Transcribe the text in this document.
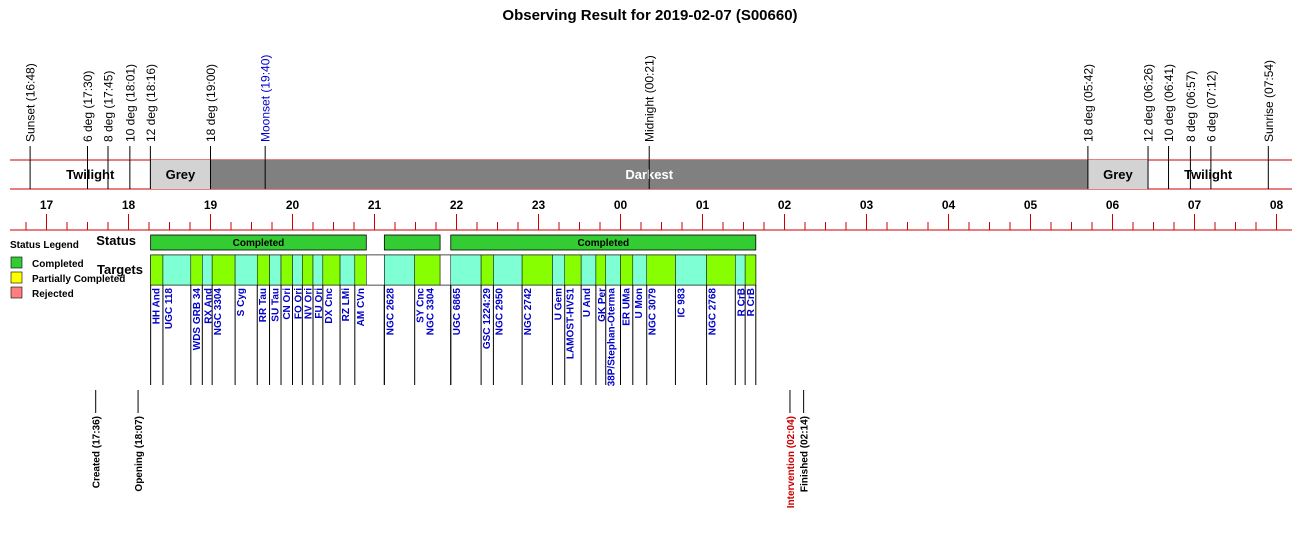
Observing Result for 2019-02-07 (S00660)
Sunset (16:48)	6 deg (17:30) 8 deg (17:45) 10 deg (18:01) 12 deg (18:16)	18 deg (19:00)	Moonset (19:40)	Midnight (00:21)	18 deg (05:42)	12 deg (06:26) 10 deg (06:41) 8 deg (06:57) 6 deg (07:12)	Sunrise (07:54)
Twilight	Grey	Darkest	Grey	Twilight
17	18	19	20	21	22	23	00	01	02	03	04	05	06	07	08
Status Legend
Completed
Partially Completed
Rejected
Status
Targets
Completed	Completed
HH And UGC 118 WDS GRB 34 RX And
NGC 3304 S Cyg RR Tau SU Tau CN Ori FO Ori
NV Ori FU Ori
DX Cnc RZ LMi AM CVn NGC 2628 SY Cnc NGC 3304 UGC 6865 GSC 1224:29 NGC 2950 NGC 2742 U Gem LAMOST-HVS1 U And GK Per
38P/Stephan-Oterma ER UMa U Mon NGC 3079 IC 983 NGC 2768 R CrB
R CrB
Created (17:36)	Opening (18:07)	Intervention (02:04) Finished (02:14)
